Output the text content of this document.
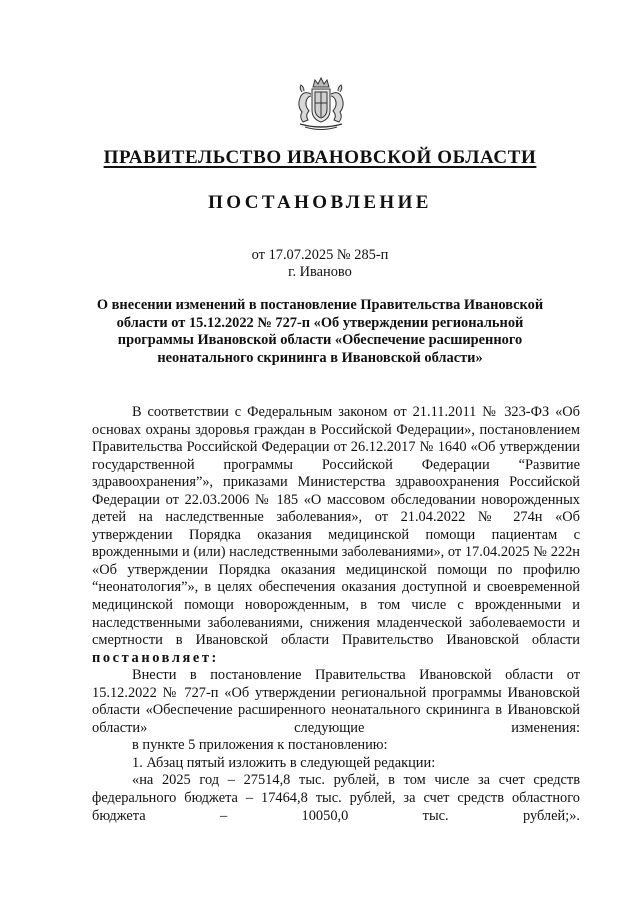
ПРАВИТЕЛЬСТВО ИВАНОВСКОЙ ОБЛАСТИ
ПОСТАНОВЛЕНИЕ
от 17.07.2025 № 285-п
г. Иваново
О внесении изменений в постановление Правительства Ивановской области от 15.12.2022 № 727-п «Об утверждении региональной программы Ивановской области «Обеспечение расширенного неонатального скрининга в Ивановской области»

В соответствии с Федеральным законом от 21.11.2011 № 323-ФЗ «Об основах охраны здоровья граждан в Российской Федерации», постановлением Правительства Российской Федерации от 26.12.2017 № 1640 «Об утверждении государственной программы Российской Федерации “Развитие здравоохранения”», приказами Министерства здравоохранения Российской Федерации от 22.03.2006 № 185 «О массовом обследовании новорожденных детей на наследственные заболевания», от 21.04.2022 № 274н «Об утверждении Порядка оказания медицинской помощи пациентам с врожденными и (или) наследственными заболеваниями», от 17.04.2025 № 222н «Об утверждении Порядка оказания медицинской помощи по профилю “неонатология”», в целях обеспечения оказания доступной и своевременной медицинской помощи новорожденным, в том числе с врожденными и наследственными заболеваниями, снижения младенческой заболеваемости и смертности в Ивановской области Правительство Ивановской области

постановляет:

Внести в постановление Правительства Ивановской области от 15.12.2022 № 727-п «Об утверждении региональной программы Ивановской области «Обеспечение расширенного неонатального скрининга в Ивановской области» следующие изменения:

в пункте 5 приложения к постановлению:

1. Абзац пятый изложить в следующей редакции:

«на 2025 год – 27514,8 тыс. рублей, в том числе за счет средств федерального бюджета – 17464,8 тыс. рублей, за счет средств областного бюджета – 10050,0 тыс. рублей;».
